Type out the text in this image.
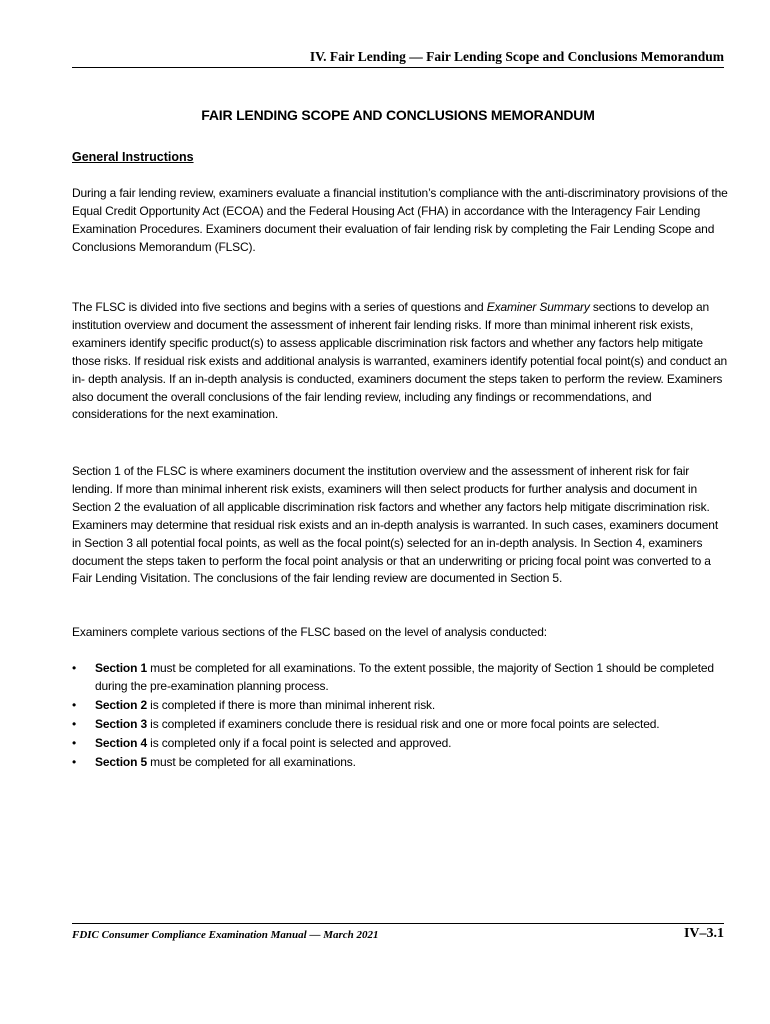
IV. Fair Lending — Fair Lending Scope and Conclusions Memorandum
FAIR LENDING SCOPE AND CONCLUSIONS MEMORANDUM
General Instructions
During a fair lending review, examiners evaluate a financial institution’s compliance with the anti-discriminatory provisions of the Equal Credit Opportunity Act (ECOA) and the Federal Housing Act (FHA) in accordance with the Interagency Fair Lending Examination Procedures. Examiners document their evaluation of fair lending risk by completing the Fair Lending Scope and Conclusions Memorandum (FLSC).
The FLSC is divided into five sections and begins with a series of questions and Examiner Summary sections to develop an institution overview and document the assessment of inherent fair lending risks. If more than minimal inherent risk exists, examiners identify specific product(s) to assess applicable discrimination risk factors and whether any factors help mitigate those risks. If residual risk exists and additional analysis is warranted, examiners identify potential focal point(s) and conduct an in- depth analysis. If an in-depth analysis is conducted, examiners document the steps taken to perform the review. Examiners also document the overall conclusions of the fair lending review, including any findings or recommendations, and considerations for the next examination.
Section 1 of the FLSC is where examiners document the institution overview and the assessment of inherent risk for fair lending. If more than minimal inherent risk exists, examiners will then select products for further analysis and document in Section 2 the evaluation of all applicable discrimination risk factors and whether any factors help mitigate discrimination risk. Examiners may determine that residual risk exists and an in-depth analysis is warranted. In such cases, examiners document in Section 3 all potential focal points, as well as the focal point(s) selected for an in-depth analysis. In Section 4, examiners document the steps taken to perform the focal point analysis or that an underwriting or pricing focal point was converted to a Fair Lending Visitation. The conclusions of the fair lending review are documented in Section 5.
Examiners complete various sections of the FLSC based on the level of analysis conducted:
• Section 1 must be completed for all examinations. To the extent possible, the majority of Section 1 should be completed during the pre-examination planning process.
• Section 2 is completed if there is more than minimal inherent risk.
• Section 3 is completed if examiners conclude there is residual risk and one or more focal points are selected.
• Section 4 is completed only if a focal point is selected and approved.
• Section 5 must be completed for all examinations.
FDIC Consumer Compliance Examination Manual — March 2021	IV–3.1
